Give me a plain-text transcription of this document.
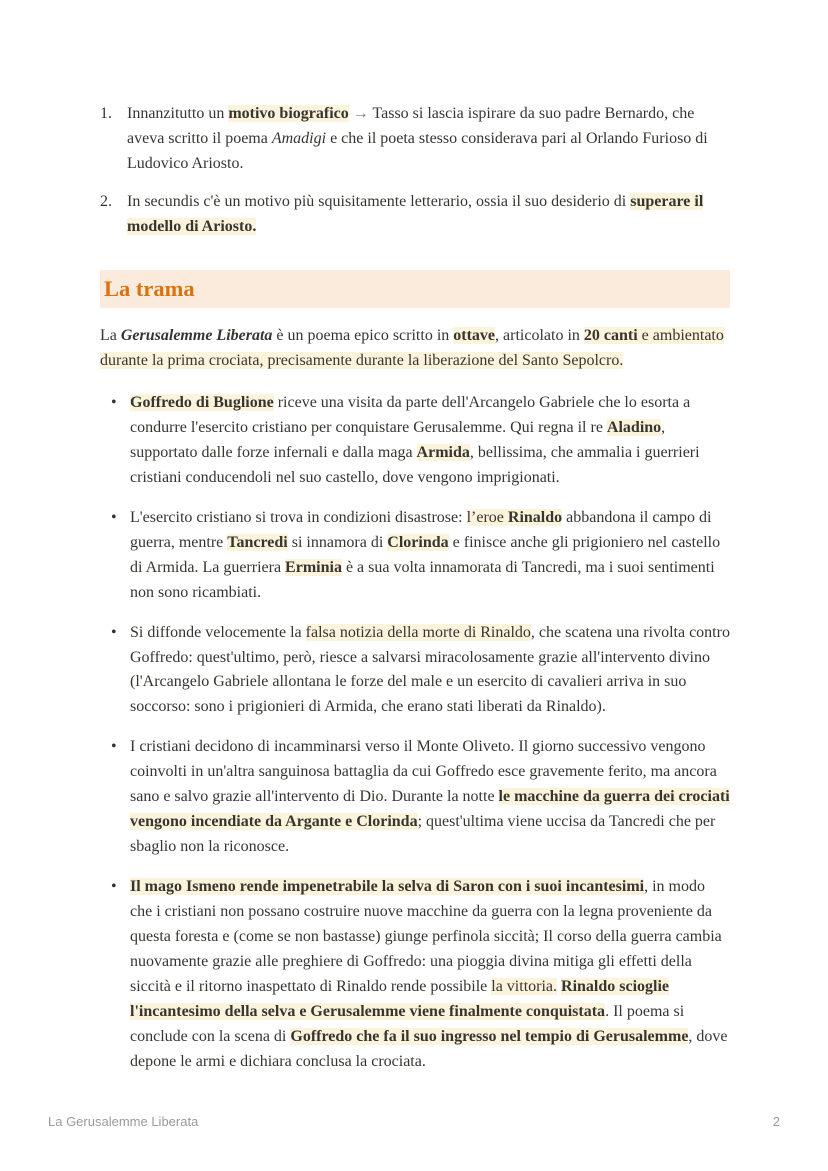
1. Innanzitutto un motivo biografico → Tasso si lascia ispirare da suo padre Bernardo, che aveva scritto il poema Amadigi e che il poeta stesso considerava pari al Orlando Furioso di Ludovico Ariosto.
2. In secundis c'è un motivo più squisitamente letterario, ossia il suo desiderio di superare il modello di Ariosto.
La trama

La Gerusalemme Liberata è un poema epico scritto in ottave, articolato in 20 canti e ambientato durante la prima crociata, precisamente durante la liberazione del Santo Sepolcro.

• Goffredo di Buglione riceve una visita da parte dell'Arcangelo Gabriele che lo esorta a condurre l'esercito cristiano per conquistare Gerusalemme. Qui regna il re Aladino, supportato dalle forze infernali e dalla maga Armida, bellissima, che ammalia i guerrieri cristiani conducendoli nel suo castello, dove vengono imprigionati.
• L'esercito cristiano si trova in condizioni disastrose: l’eroe Rinaldo abbandona il campo di guerra, mentre Tancredi si innamora di Clorinda e finisce anche gli prigioniero nel castello di Armida. La guerriera Erminia è a sua volta innamorata di Tancredi, ma i suoi sentimenti non sono ricambiati.
• Si diffonde velocemente la falsa notizia della morte di Rinaldo, che scatena una rivolta contro Goffredo: quest'ultimo, però, riesce a salvarsi miracolosamente grazie all'intervento divino (l'Arcangelo Gabriele allontana le forze del male e un esercito di cavalieri arriva in suo soccorso: sono i prigionieri di Armida, che erano stati liberati da Rinaldo).
• I cristiani decidono di incamminarsi verso il Monte Oliveto. Il giorno successivo vengono coinvolti in un'altra sanguinosa battaglia da cui Goffredo esce gravemente ferito, ma ancora sano e salvo grazie all'intervento di Dio. Durante la notte le macchine da guerra dei crociati vengono incendiate da Argante e Clorinda; quest'ultima viene uccisa da Tancredi che per sbaglio non la riconosce.
• Il mago Ismeno rende impenetrabile la selva di Saron con i suoi incantesimi, in modo che i cristiani non possano costruire nuove macchine da guerra con la legna proveniente da questa foresta e (come se non bastasse) giunge perfinola siccità; Il corso della guerra cambia nuovamente grazie alle preghiere di Goffredo: una pioggia divina mitiga gli effetti della siccità e il ritorno inaspettato di Rinaldo rende possibile la vittoria. Rinaldo scioglie l'incantesimo della selva e Gerusalemme viene finalmente conquistata. Il poema si conclude con la scena di Goffredo che fa il suo ingresso nel tempio di Gerusalemme, dove depone le armi e dichiara conclusa la crociata.
La Gerusalemme Liberata	2
